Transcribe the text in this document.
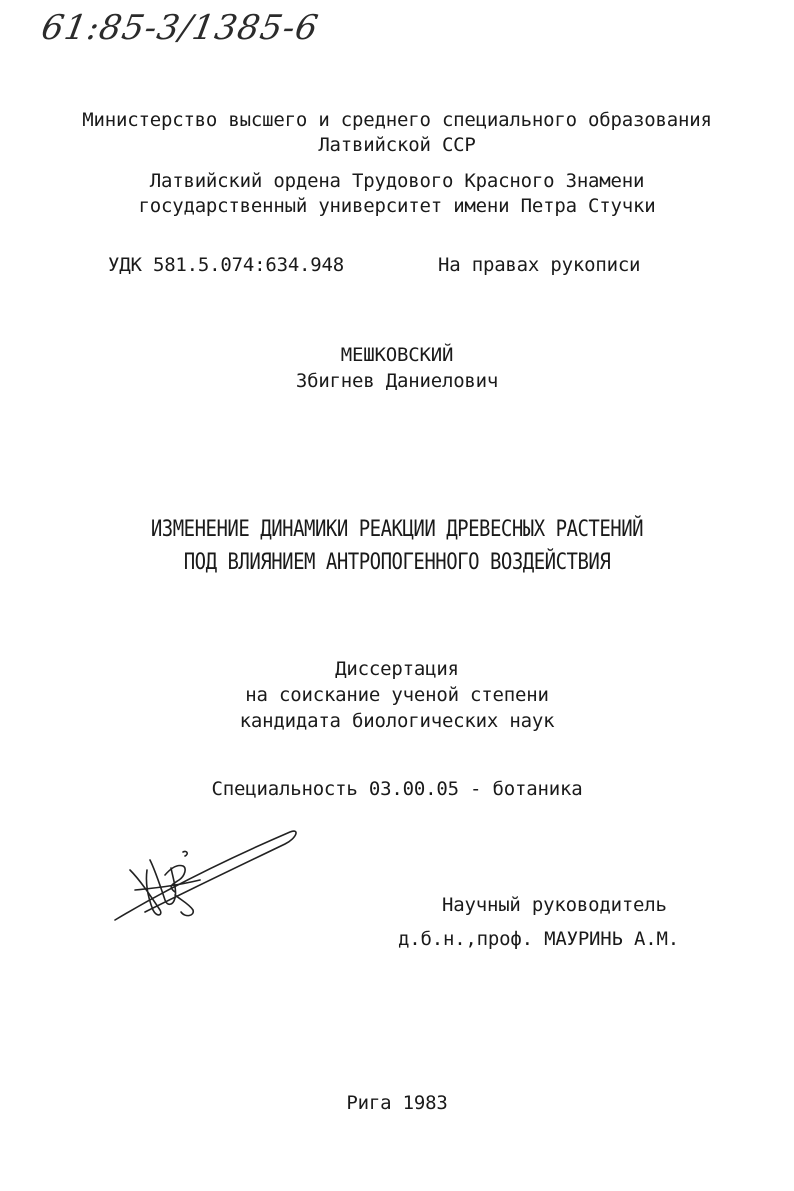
61:85-3/1385-6
Министерство высшего и среднего специального образования
Латвийской ССР
Латвийский ордена Трудового Красного Знамени
государственный университет имени Петра Стучки
УДК 581.5.074:634.948	На правах рукописи
МЕШКОВСКИЙ
Збигнев Даниелович
ИЗМЕНЕНИЕ ДИНАМИКИ РЕАКЦИИ ДРЕВЕСНЫХ РАСТЕНИЙ
ПОД ВЛИЯНИЕМ АНТРОПОГЕННОГО ВОЗДЕЙСТВИЯ
Диссертация
на соискание ученой степени
кандидата биологических наук
Специальность 03.00.05 - ботаника
Научный руководитель
д.б.н.,проф. МАУРИНЬ А.М.
Рига 1983
